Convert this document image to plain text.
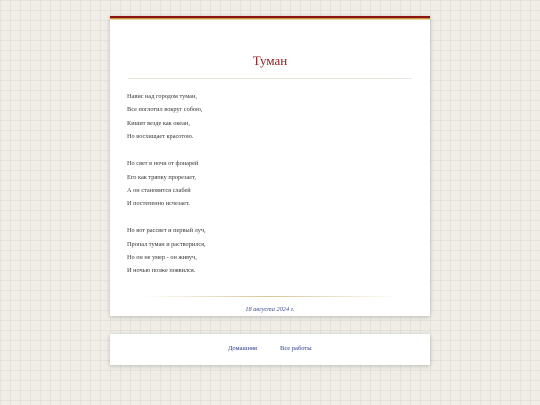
Туман
Навис над городом туман,
Все поглотил вокруг собою,
Кишит везде как океан,
Но восхищает красотою.
Но свет в ночи от фонарей
Его как тряпку прорезает,
А он становится слабей
И постепенно исчезает.
Но вот рассвет и первый луч,
Пропал туман и растворился,
Но он не умер - он живуч,
И ночью позже появился.
18 августа 2024 г.
Домашняя	Все работы
